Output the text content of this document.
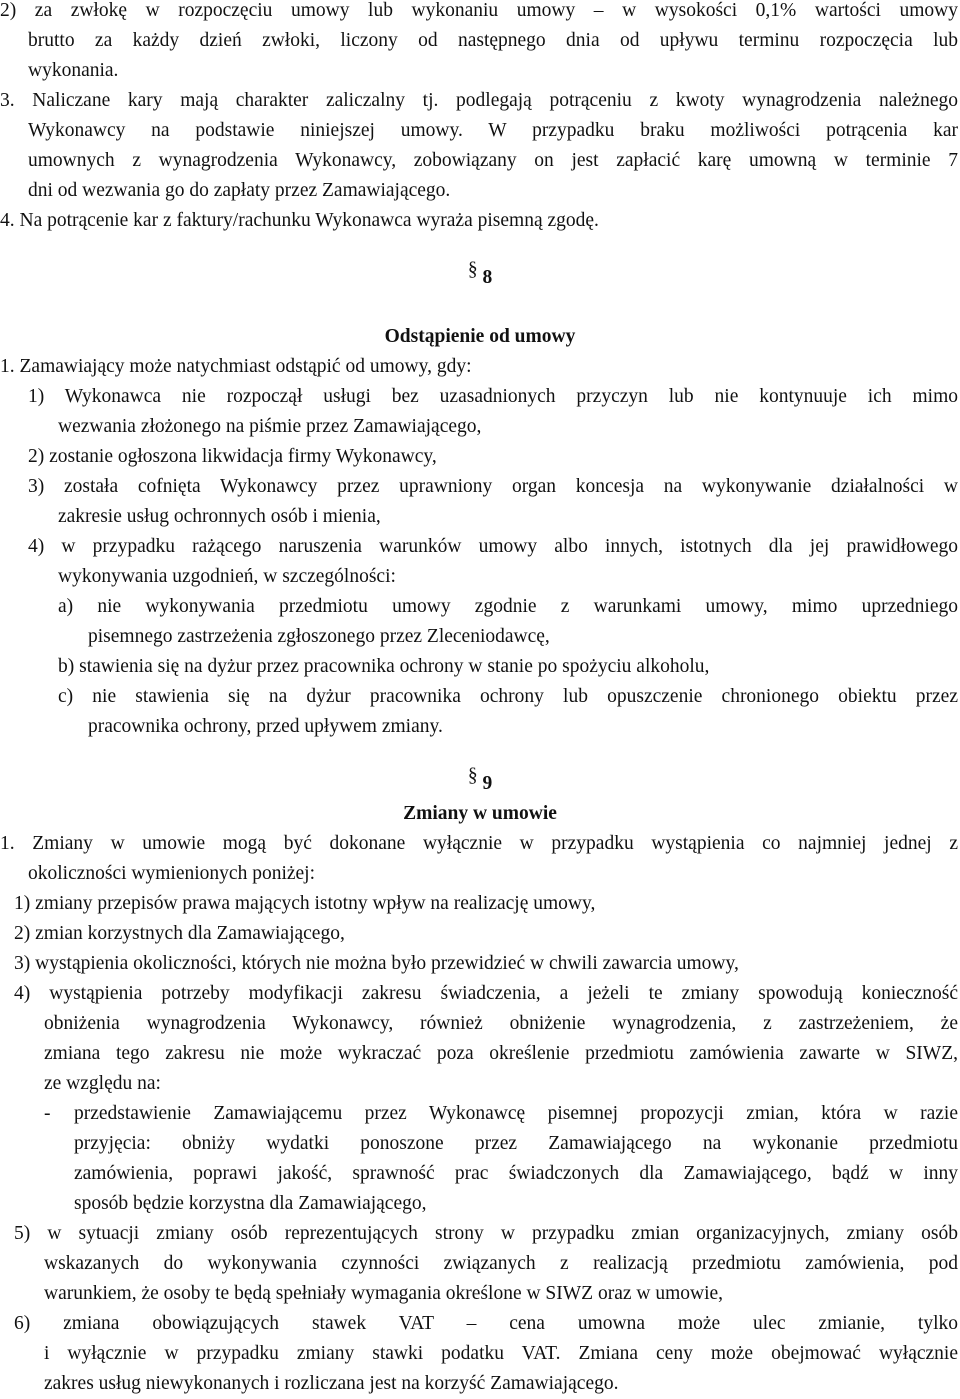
2) za zwłokę w rozpoczęciu umowy lub wykonaniu umowy – w wysokości 0,1% wartości umowy
brutto za każdy dzień zwłoki, liczony od następnego dnia od upływu terminu rozpoczęcia lub
wykonania.
3. Naliczane kary mają charakter zaliczalny tj. podlegają potrąceniu z kwoty wynagrodzenia należnego
Wykonawcy na podstawie niniejszej umowy. W przypadku braku możliwości potrącenia kar
umownych z wynagrodzenia Wykonawcy, zobowiązany on jest zapłacić karę umowną w terminie 7
dni od wezwania go do zapłaty przez Zamawiającego.
4. Na potrącenie kar z faktury/rachunku Wykonawca wyraża pisemną zgodę.
§ 8
Odstąpienie od umowy
1. Zamawiający może natychmiast odstąpić od umowy, gdy:
1) Wykonawca nie rozpoczął usługi bez uzasadnionych przyczyn lub nie kontynuuje ich mimo
wezwania złożonego na piśmie przez Zamawiającego,
2) zostanie ogłoszona likwidacja firmy Wykonawcy,
3) została cofnięta Wykonawcy przez uprawniony organ koncesja na wykonywanie działalności w
zakresie usług ochronnych osób i mienia,
4) w przypadku rażącego naruszenia warunków umowy albo innych, istotnych dla jej prawidłowego
wykonywania uzgodnień, w szczególności:
a) nie wykonywania przedmiotu umowy zgodnie z warunkami umowy, mimo uprzedniego
pisemnego zastrzeżenia zgłoszonego przez Zleceniodawcę,
b) stawienia się na dyżur przez pracownika ochrony w stanie po spożyciu alkoholu,
c) nie stawienia się na dyżur pracownika ochrony lub opuszczenie chronionego obiektu przez
pracownika ochrony, przed upływem zmiany.
§ 9
Zmiany w umowie
1. Zmiany w umowie mogą być dokonane wyłącznie w przypadku wystąpienia co najmniej jednej z
okoliczności wymienionych poniżej:
1) zmiany przepisów prawa mających istotny wpływ na realizację umowy,
2) zmian korzystnych dla Zamawiającego,
3) wystąpienia okoliczności, których nie można było przewidzieć w chwili zawarcia umowy,
4) wystąpienia potrzeby modyfikacji zakresu świadczenia, a jeżeli te zmiany spowodują konieczność
obniżenia wynagrodzenia Wykonawcy, również obniżenie wynagrodzenia, z zastrzeżeniem, że
zmiana tego zakresu nie może wykraczać poza określenie przedmiotu zamówienia zawarte w SIWZ,
ze względu na:
- przedstawienie Zamawiającemu przez Wykonawcę pisemnej propozycji zmian, która w razie
przyjęcia: obniży wydatki ponoszone przez Zamawiającego na wykonanie przedmiotu
zamówienia, poprawi jakość, sprawność prac świadczonych dla Zamawiającego, bądź w inny
sposób będzie korzystna dla Zamawiającego,
5) w sytuacji zmiany osób reprezentujących strony w przypadku zmian organizacyjnych, zmiany osób
wskazanych do wykonywania czynności związanych z realizacją przedmiotu zamówienia, pod
warunkiem, że osoby te będą spełniały wymagania określone w SIWZ oraz w umowie,
6) zmiana obowiązujących stawek VAT – cena umowna może ulec zmianie, tylko
i wyłącznie w przypadku zmiany stawki podatku VAT. Zmiana ceny może obejmować wyłącznie
zakres usług niewykonanych i rozliczana jest na korzyść Zamawiającego.
